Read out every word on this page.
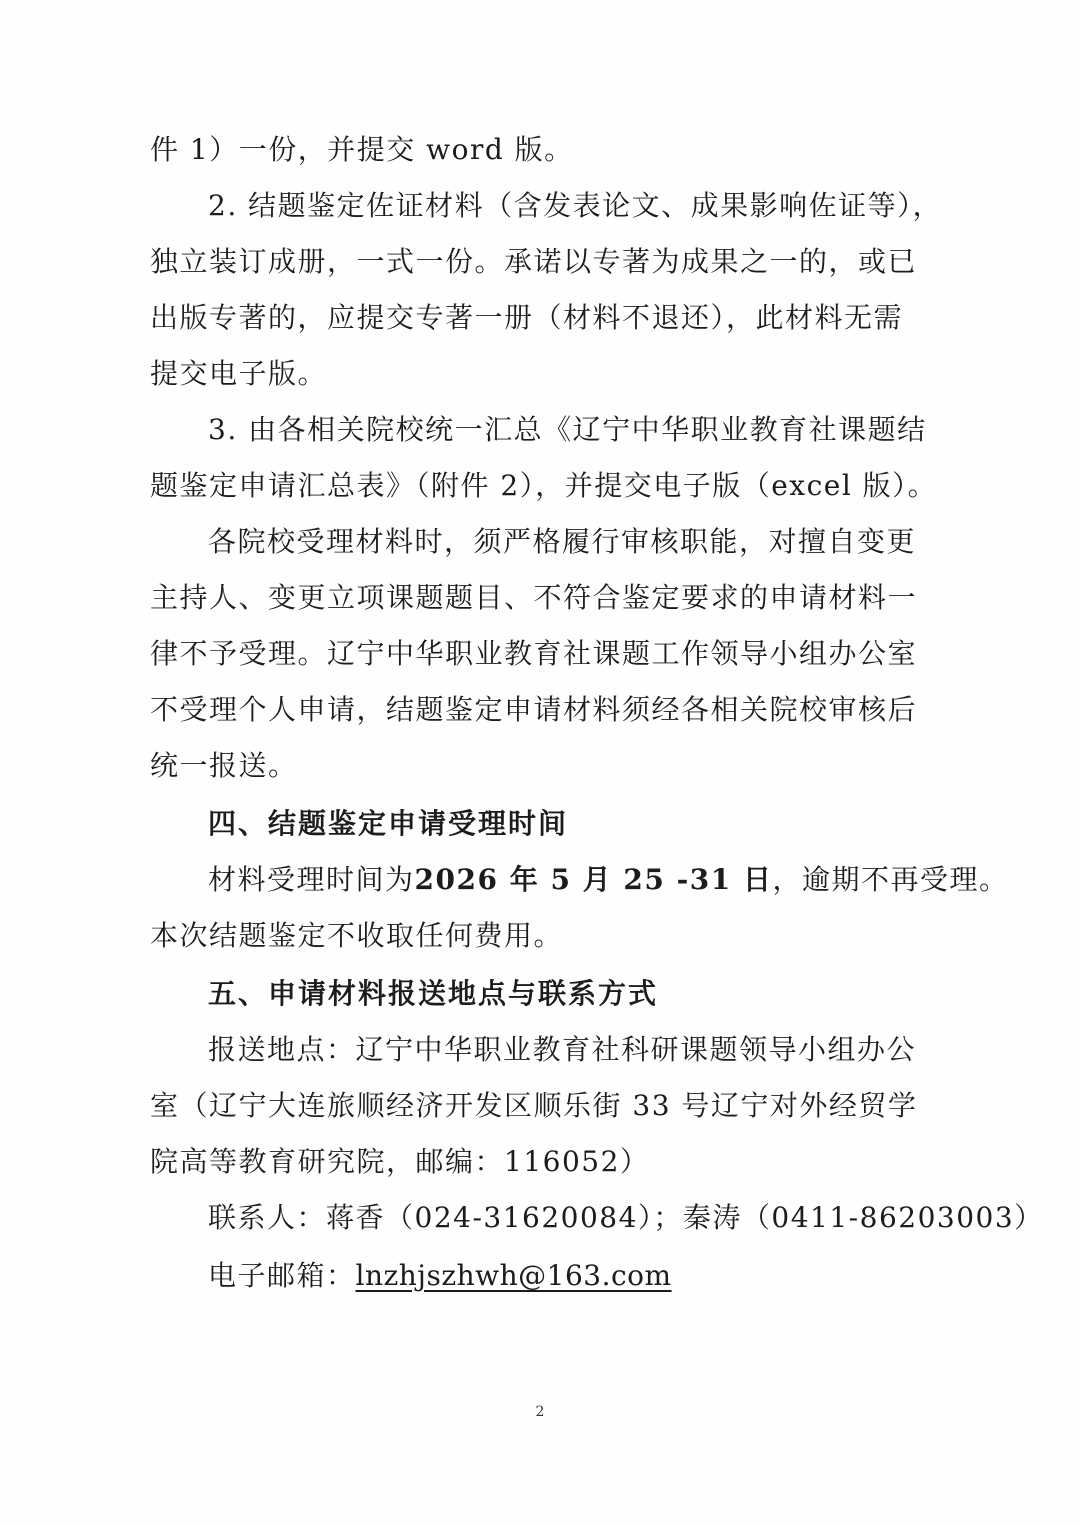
件 1）一份，并提交 word 版。
2. 结题鉴定佐证材料（含发表论文、成果影响佐证等），
独立装订成册，一式一份。承诺以专著为成果之一的，或已
出版专著的，应提交专著一册（材料不退还），此材料无需
提交电子版。
3. 由各相关院校统一汇总《辽宁中华职业教育社课题结
题鉴定申请汇总表》（附件 2），并提交电子版（excel 版）。
各院校受理材料时，须严格履行审核职能，对擅自变更
主持人、变更立项课题题目、不符合鉴定要求的申请材料一
律不予受理。辽宁中华职业教育社课题工作领导小组办公室
不受理个人申请，结题鉴定申请材料须经各相关院校审核后
统一报送。
四、结题鉴定申请受理时间
材料受理时间为2026 年 5 月 25 -31 日，逾期不再受理。
本次结题鉴定不收取任何费用。
五、申请材料报送地点与联系方式
报送地点：辽宁中华职业教育社科研课题领导小组办公
室（辽宁大连旅顺经济开发区顺乐街 33 号辽宁对外经贸学
院高等教育研究院，邮编：116052）
联系人：蒋香（024-31620084）；秦涛（0411-86203003）
电子邮箱：lnzhjszhwh@163.com
2
